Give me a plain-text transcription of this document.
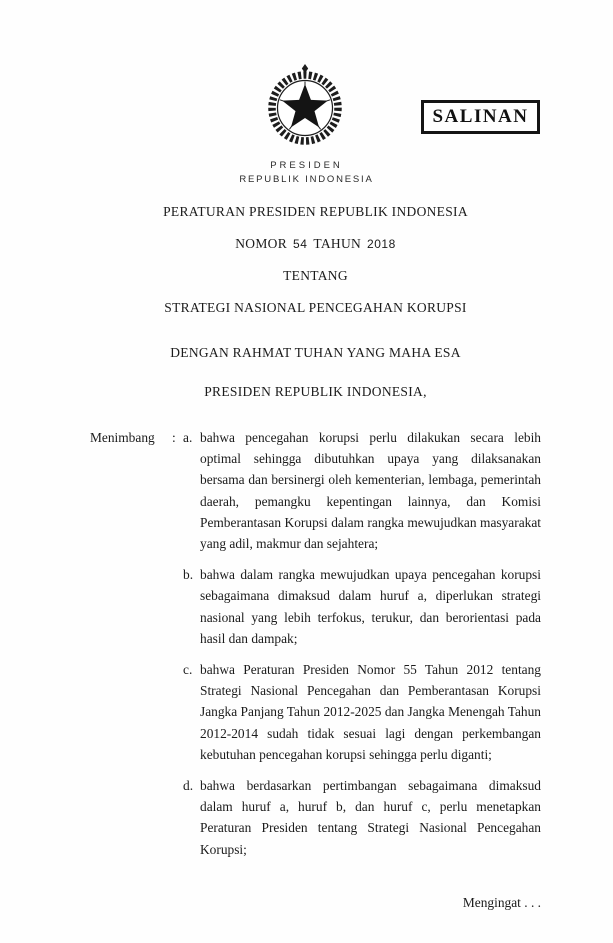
SALINAN
PRESIDEN
REPUBLIK INDONESIA
PERATURAN PRESIDEN REPUBLIK INDONESIA
NOMOR 54 TAHUN 2018
TENTANG
STRATEGI NASIONAL PENCEGAHAN KORUPSI
DENGAN RAHMAT TUHAN YANG MAHA ESA
PRESIDEN REPUBLIK INDONESIA,
Menimbang	: a. bahwa pencegahan korupsi perlu dilakukan secara lebih optimal sehingga dibutuhkan upaya yang dilaksanakan bersama dan bersinergi oleh kementerian, lembaga, pemerintah daerah, pemangku kepentingan lainnya, dan Komisi Pemberantasan Korupsi dalam rangka mewujudkan masyarakat yang adil, makmur dan sejahtera;
b. bahwa dalam rangka mewujudkan upaya pencegahan korupsi sebagaimana dimaksud dalam huruf a, diperlukan strategi nasional yang lebih terfokus, terukur, dan berorientasi pada hasil dan dampak;
c. bahwa Peraturan Presiden Nomor 55 Tahun 2012 tentang Strategi Nasional Pencegahan dan Pemberantasan Korupsi Jangka Panjang Tahun 2012-2025 dan Jangka Menengah Tahun 2012-2014 sudah tidak sesuai lagi dengan perkembangan kebutuhan pencegahan korupsi sehingga perlu diganti;
d. bahwa berdasarkan pertimbangan sebagaimana dimaksud dalam huruf a, huruf b, dan huruf c, perlu menetapkan Peraturan Presiden tentang Strategi Nasional Pencegahan Korupsi;
Mengingat . . .
